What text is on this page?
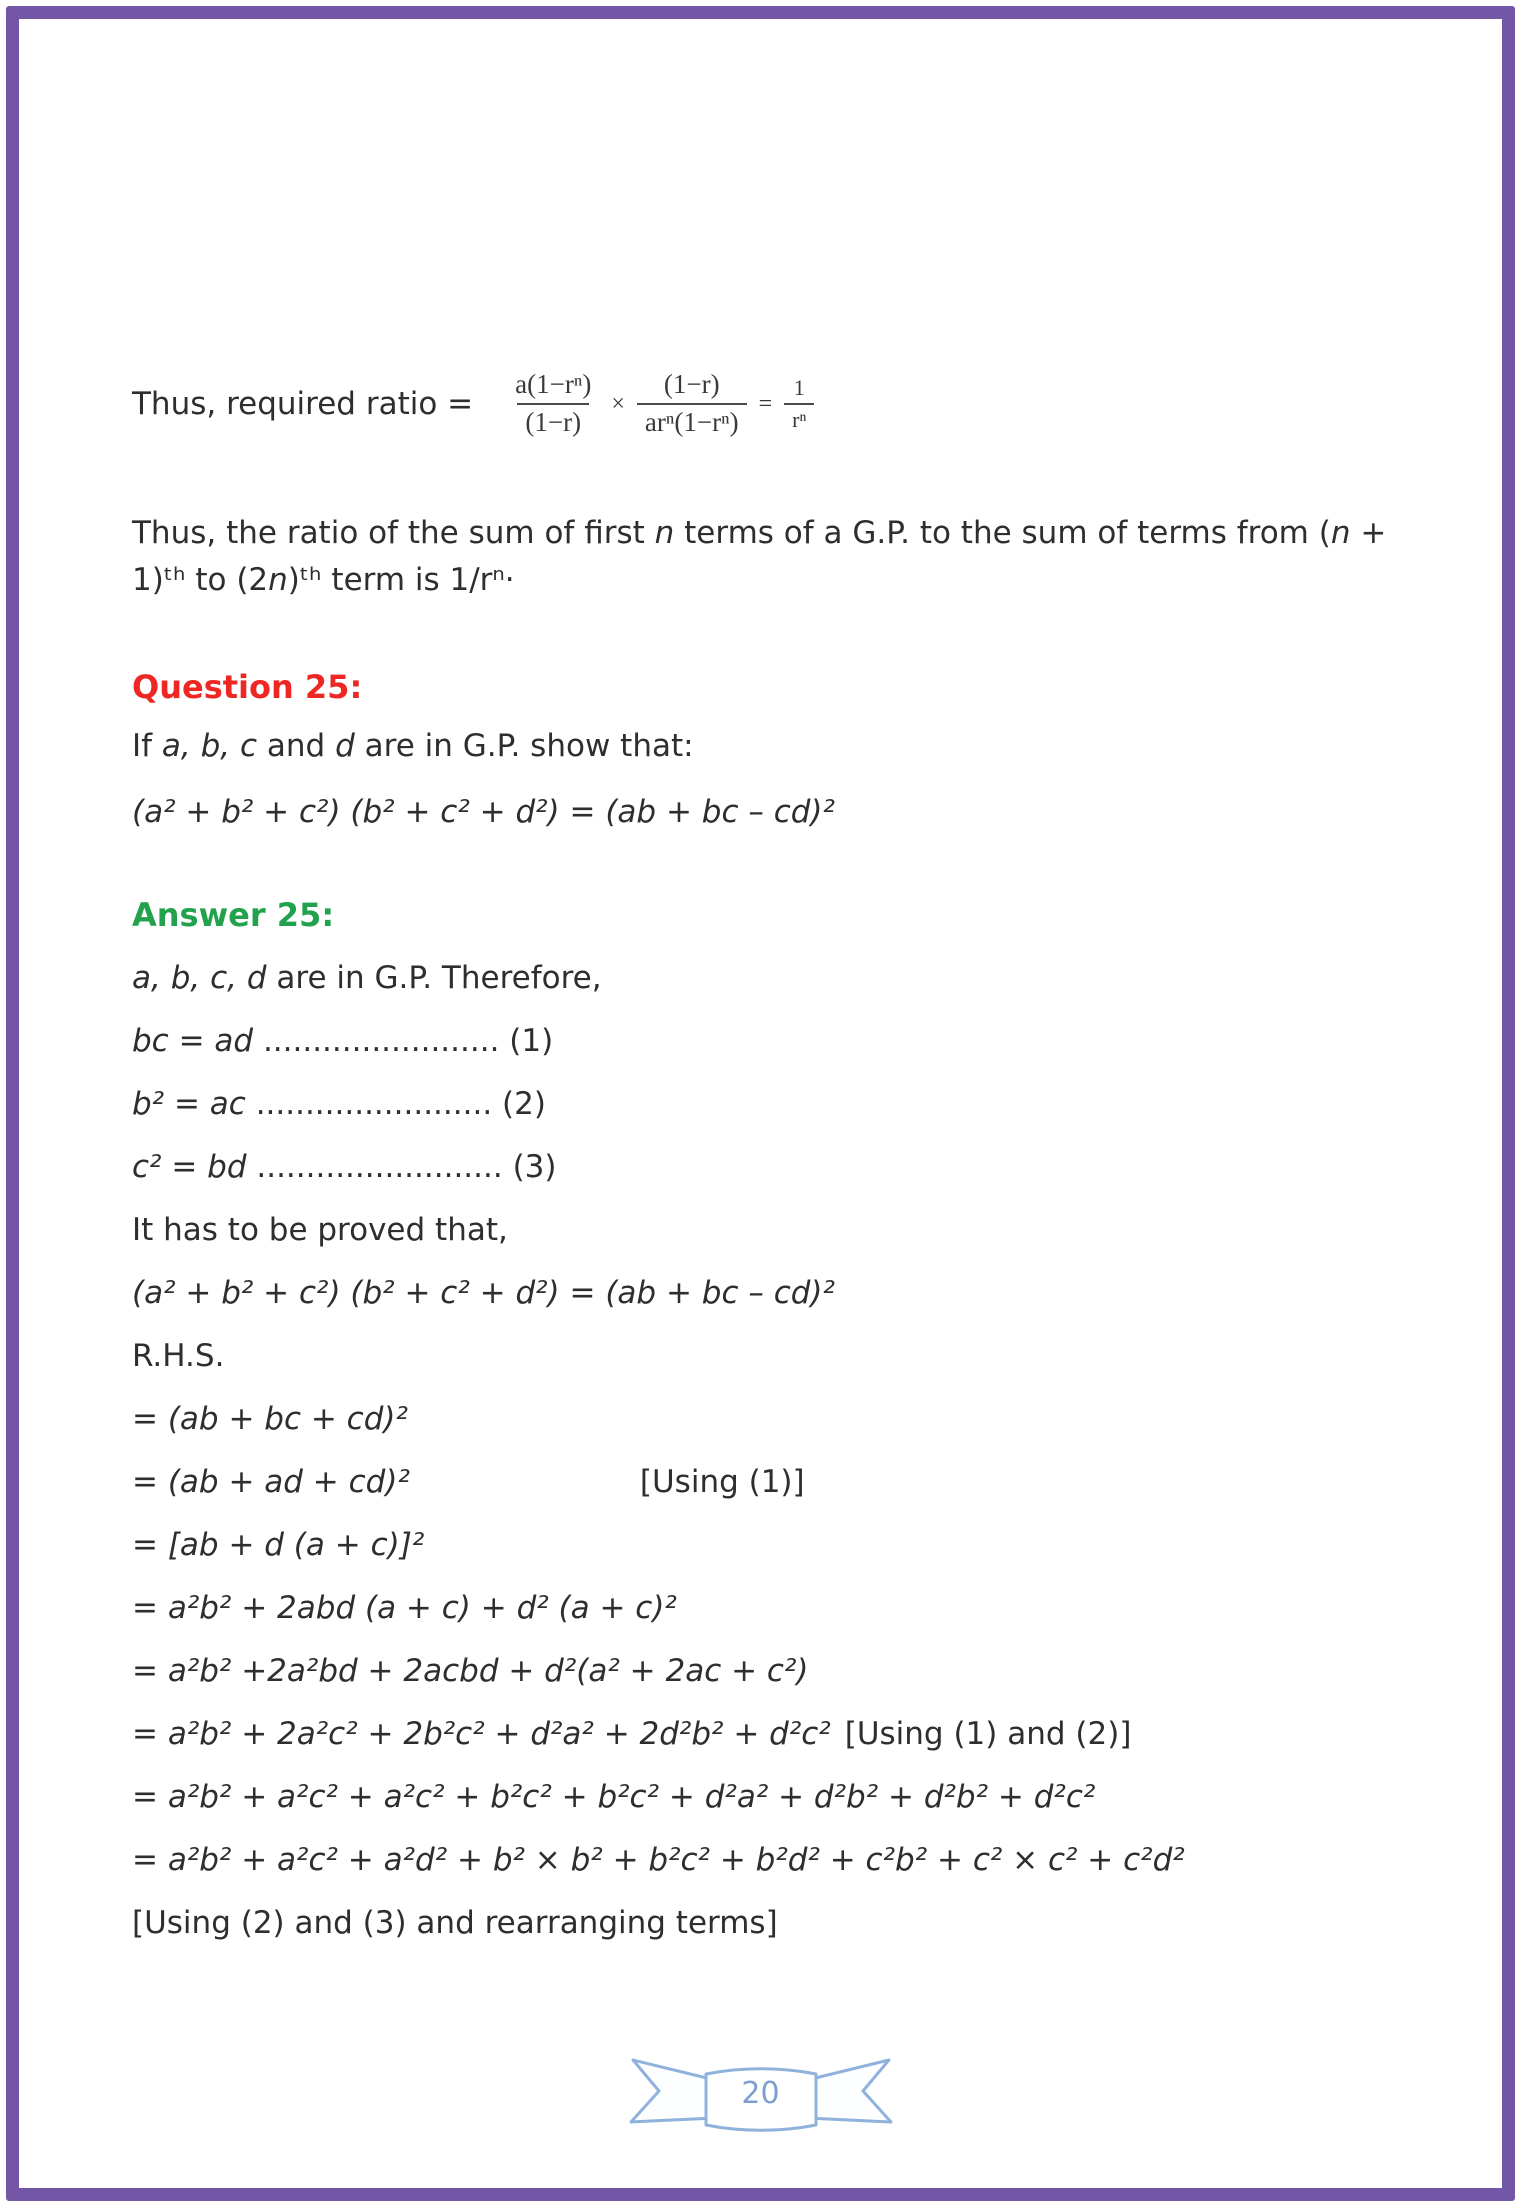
Thus, required ratio = $\frac{\text{a(1−rⁿ)}}{(1-r)} \times \frac{(1-r)}{\text{arⁿ(1−rⁿ)}} = \frac{1}{\text{rⁿ}}$

Thus, the ratio of the sum of first n terms of a G.P. to the sum of terms from (n + 1)ᵗʰ to (2n)ᵗʰ term is 1/rⁿ·

Question 25:

If a, b, c and d are in G.P. show that:

(a² + b² + c²) (b² + c² + d²) = (ab + bc – cd)²

Answer 25:

a, b, c, d are in G.P. Therefore,

bc = ad ........................ (1)

b² = ac ........................ (2)

c² = bd ......................... (3)

It has to be proved that,

(a² + b² + c²) (b² + c² + d²) = (ab + bc – cd)²

R.H.S.

= (ab + bc + cd)²

= (ab + ad + cd)²	[Using (1)]

= [ab + d (a + c)]²

= a²b² + 2abd (a + c) + d² (a + c)²

= a²b² +2a²bd + 2acbd + d²(a² + 2ac + c²)

= a²b² + 2a²c² + 2b²c² + d²a² + 2d²b² + d²c² [Using (1) and (2)]

= a²b² + a²c² + a²c² + b²c² + b²c² + d²a² + d²b² + d²b² + d²c²

= a²b² + a²c² + a²d² + b² × b² + b²c² + b²d² + c²b² + c² × c² + c²d²

[Using (2) and (3) and rearranging terms]

20
